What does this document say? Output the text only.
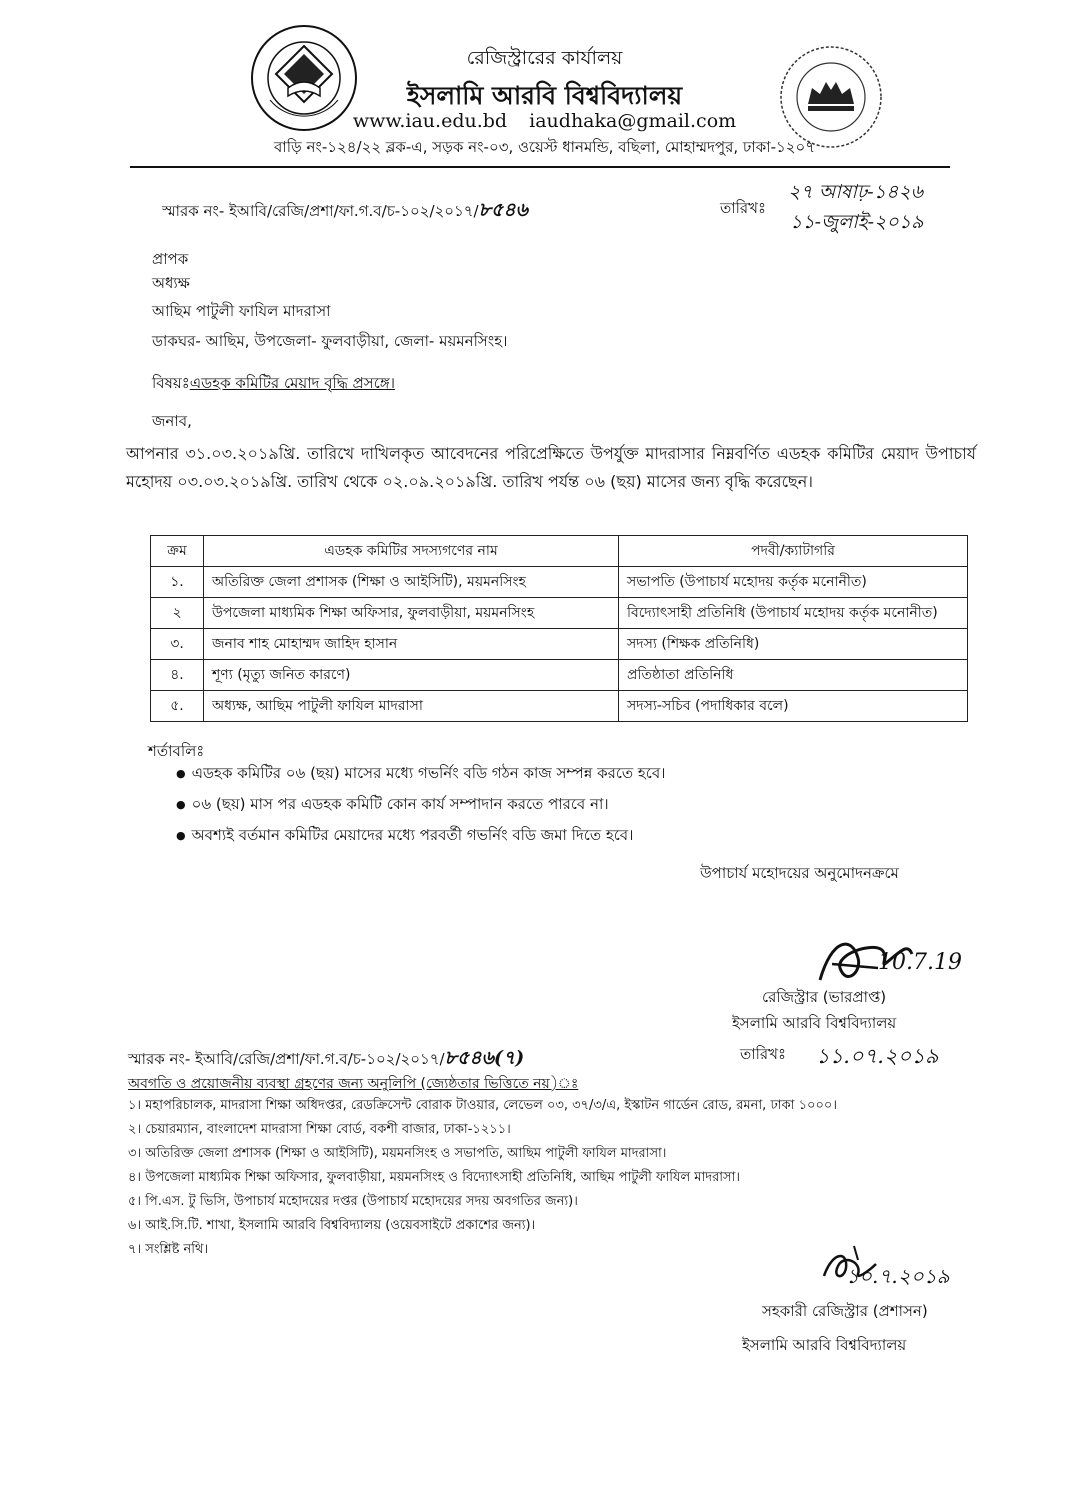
রেজিস্ট্রারের কার্যালয়
ইসলামি আরবি বিশ্ববিদ্যালয়
www.iau.edu.bd iaudhaka@gmail.com
বাড়ি নং-১২৪/২২ ব্লক-এ, সড়ক নং-০৩, ওয়েস্ট ধানমন্ডি, বছিলা, মোহাম্মদপুর, ঢাকা-১২০৭
স্মারক নং- ইআবি/রেজি/প্রশা/ফা.গ.ব/চ-১০২/২০১৭/৮৫৪৬	তারিখঃ
২৭ আষাঢ়-১৪২৬
১১-জুলাই-২০১৯
প্রাপক
অধ্যক্ষ
আছিম পাটুলী ফাযিল মাদরাসা
ডাকঘর- আছিম, উপজেলা- ফুলবাড়ীয়া, জেলা- ময়মনসিংহ।
বিষয়ঃএডহক কমিটির মেয়াদ বৃদ্ধি প্রসঙ্গে।
জনাব,
আপনার ৩১.০৩.২০১৯খ্রি. তারিখে দাখিলকৃত আবেদনের পরিপ্রেক্ষিতে উপর্যুক্ত মাদরাসার নিম্নবর্ণিত এডহক কমিটির মেয়াদ উপাচার্য মহোদয় ০৩.০৩.২০১৯খ্রি. তারিখ থেকে ০২.০৯.২০১৯খ্রি. তারিখ পর্যন্ত ০৬ (ছয়) মাসের জন্য বৃদ্ধি করেছেন।
ক্রম	এডহক কমিটির সদস্যগণের নাম	পদবী/ক্যাটাগরি
১.	অতিরিক্ত জেলা প্রশাসক (শিক্ষা ও আইসিটি), ময়মনসিংহ	সভাপতি (উপাচার্য মহোদয় কর্তৃক মনোনীত)
২	উপজেলা মাধ্যমিক শিক্ষা অফিসার, ফুলবাড়ীয়া, ময়মনসিংহ	বিদ্যোৎসাহী প্রতিনিধি (উপাচার্য মহোদয় কর্তৃক মনোনীত)
৩.	জনাব শাহ মোহাম্মদ জাহিদ হাসান	সদস্য (শিক্ষক প্রতিনিধি)
৪.	শূণ্য (মৃত্যু জনিত কারণে)	প্রতিষ্ঠাতা প্রতিনিধি
৫.	অধ্যক্ষ, আছিম পাটুলী ফাযিল মাদরাসা	সদস্য-সচিব (পদাধিকার বলে)
শর্তাবলিঃ
● এডহক কমিটির ০৬ (ছয়) মাসের মধ্যে গভর্নিং বডি গঠন কাজ সম্পন্ন করতে হবে।
● ০৬ (ছয়) মাস পর এডহক কমিটি কোন কার্য সম্পাদান করতে পারবে না।
● অবশ্যই বর্তমান কমিটির মেয়াদের মধ্যে পরবর্তী গভর্নিং বডি জমা দিতে হবে।
উপাচার্য মহোদয়ের অনুমোদনক্রমে
10.7.19
রেজিস্ট্রার (ভারপ্রাপ্ত)
ইসলামি আরবি বিশ্ববিদ্যালয়
স্মারক নং- ইআবি/রেজি/প্রশা/ফা.গ.ব/চ-১০২/২০১৭/৮৫৪৬(৭)	তারিখঃ ১১.০৭.২০১৯
অবগতি ও প্রয়োজনীয় ব্যবস্থা গ্রহণের জন্য অনুলিপি (জ্যেষ্ঠতার ভিত্তিতে নয়)ঃ
১। মহাপরিচালক, মাদরাসা শিক্ষা অধিদপ্তর, রেডক্রিসেন্ট বোরাক টাওয়ার, লেভেল ০৩, ৩৭/৩/এ, ইস্কাটন গার্ডেন রোড, রমনা, ঢাকা ১০০০।
২। চেয়ারম্যান, বাংলাদেশ মাদরাসা শিক্ষা বোর্ড, বকশী বাজার, ঢাকা-১২১১।
৩। অতিরিক্ত জেলা প্রশাসক (শিক্ষা ও আইসিটি), ময়মনসিংহ ও সভাপতি, আছিম পাটুলী ফাযিল মাদরাসা।
৪। উপজেলা মাধ্যমিক শিক্ষা অফিসার, ফুলবাড়ীয়া, ময়মনসিংহ ও বিদ্যোৎসাহী প্রতিনিধি, আছিম পাটুলী ফাযিল মাদরাসা।
৫। পি.এস. টু ভিসি, উপাচার্য মহোদয়ের দপ্তর (উপাচার্য মহোদয়ের সদয় অবগতির জন্য)।
৬। আই.সি.টি. শাখা, ইসলামি আরবি বিশ্ববিদ্যালয় (ওয়েবসাইটে প্রকাশের জন্য)।
৭। সংশ্লিষ্ট নথি।
১০.৭.২০১৯
সহকারী রেজিস্ট্রার (প্রশাসন)
ইসলামি আরবি বিশ্ববিদ্যালয়
